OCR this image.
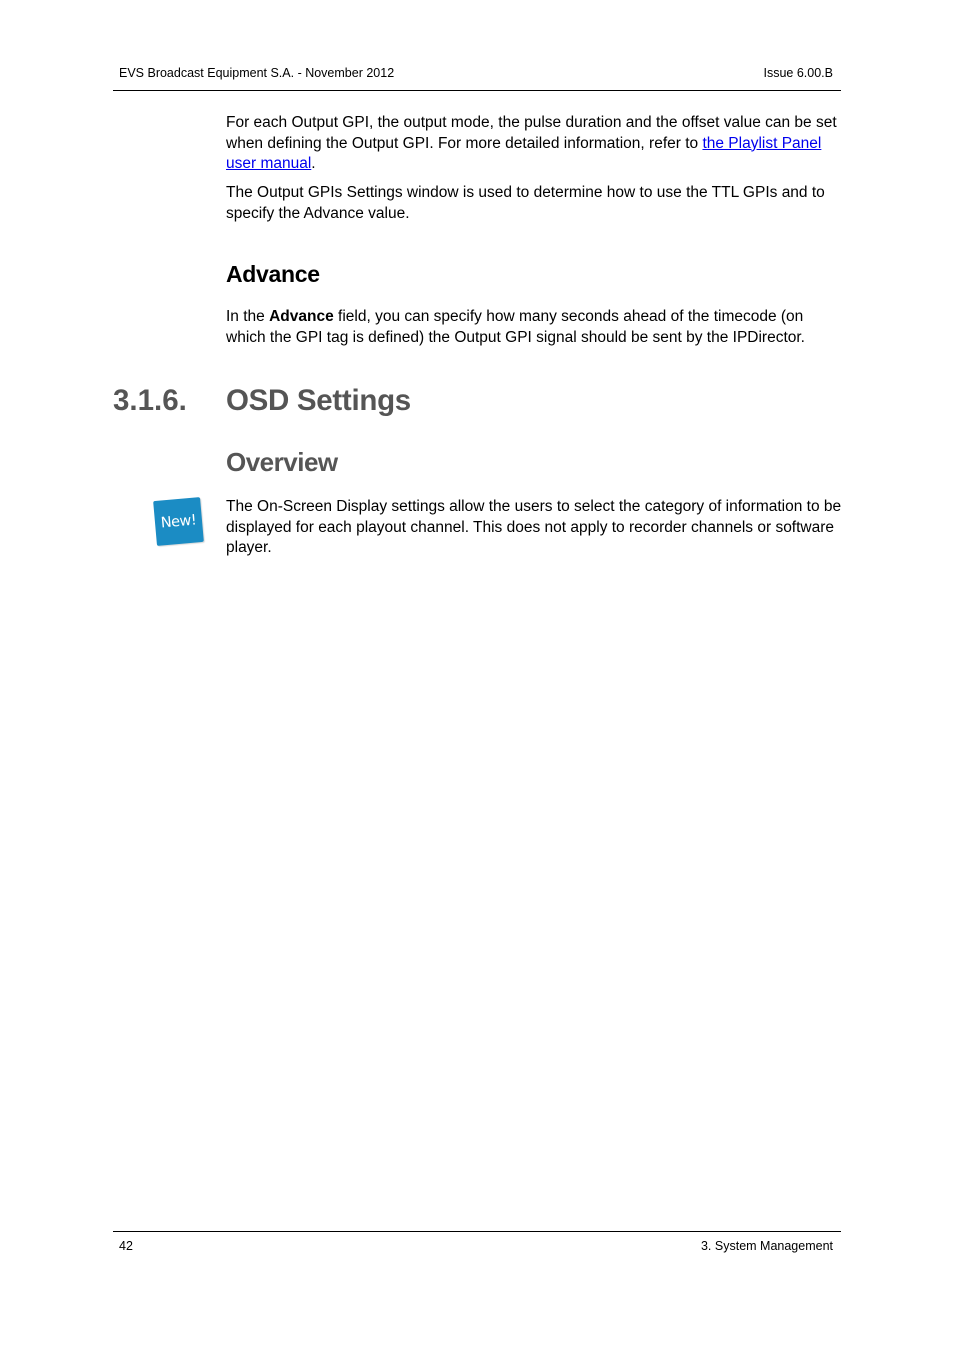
EVS Broadcast Equipment S.A. - November 2012	Issue 6.00.B

For each Output GPI, the output mode, the pulse duration and the offset value can be set when defining the Output GPI. For more detailed information, refer to the Playlist Panel user manual.

The Output GPIs Settings window is used to determine how to use the TTL GPIs and to specify the Advance value.

Advance

In the Advance field, you can specify how many seconds ahead of the timecode (on which the GPI tag is defined) the Output GPI signal should be sent by the IPDirector.

3.1.6. OSD Settings
Overview
New!

The On-Screen Display settings allow the users to select the category of information to be displayed for each playout channel. This does not apply to recorder channels or software player.

42	3. System Management
